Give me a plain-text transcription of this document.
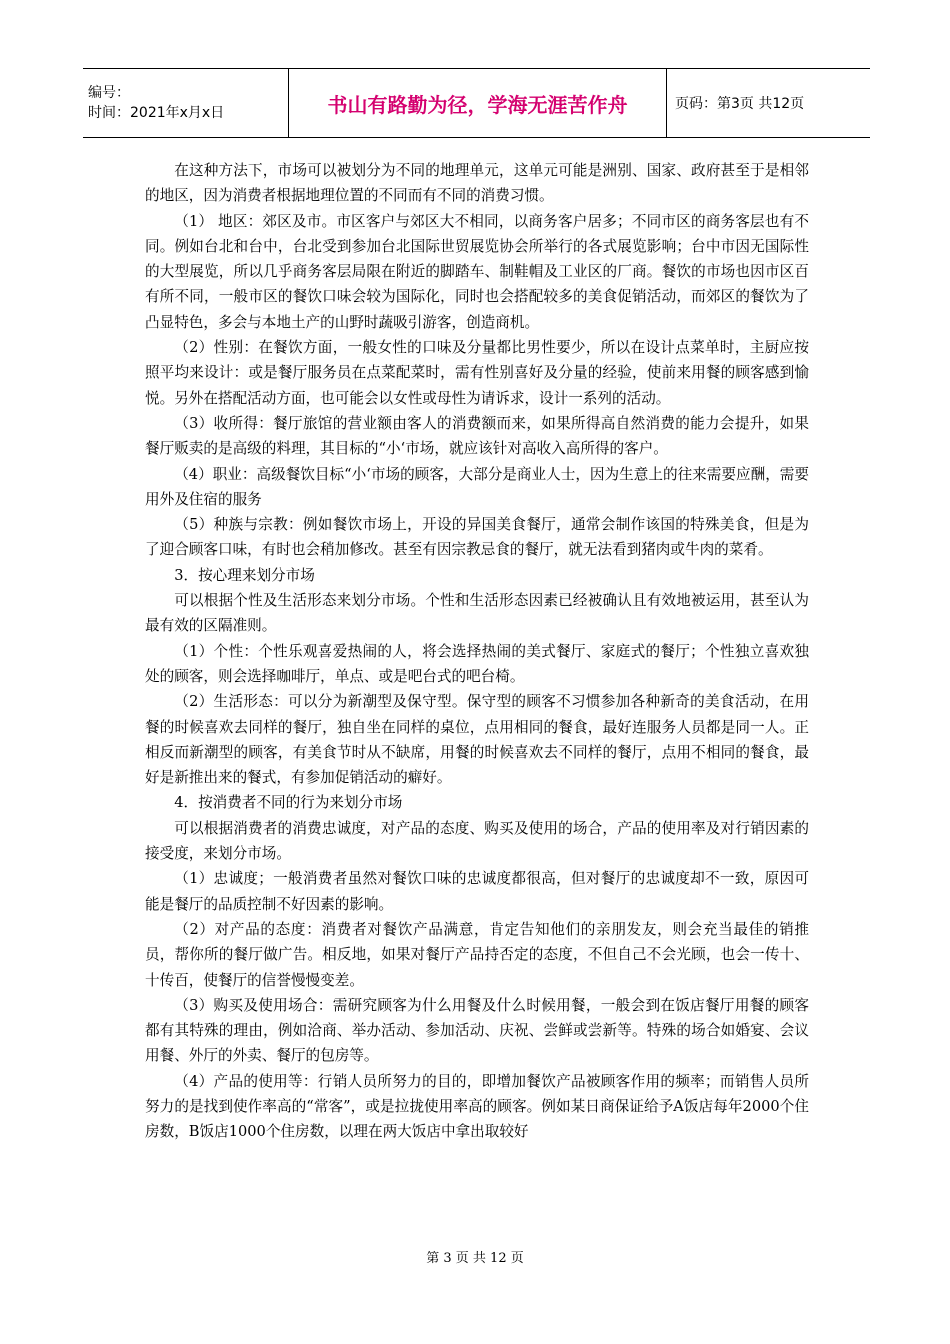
编号：
时间：2021年x月x日	书山有路勤为径，学海无涯苦作舟	页码：第3页 共12页

在这种方法下，市场可以被划分为不同的地理单元，这单元可能是洲别、国家、政府甚至于是相邻的地区，因为消费者根据地理位置的不同而有不同的消费习惯。

（1） 地区：郊区及市。市区客户与郊区大不相同，以商务客户居多；不同市区的商务客层也有不同。例如台北和台中，台北受到参加台北国际世贸展览协会所举行的各式展览影响；台中市因无国际性的大型展览，所以几乎商务客层局限在附近的脚踏车、制鞋帽及工业区的厂商。餐饮的市场也因市区百有所不同，一般市区的餐饮口味会较为国际化，同时也会搭配较多的美食促销活动，而郊区的餐饮为了凸显特色，多会与本地土产的山野时蔬吸引游客，创造商机。

（2）性别：在餐饮方面，一般女性的口味及分量都比男性要少，所以在设计点菜单时，主厨应按照平均来设计：或是餐厅服务员在点菜配菜时，需有性别喜好及分量的经验，使前来用餐的顾客感到愉悦。另外在搭配活动方面，也可能会以女性或母性为请诉求，设计一系列的活动。

（3）收所得：餐厅旅馆的营业额由客人的消费额而来，如果所得高自然消费的能力会提升，如果餐厅贩卖的是高级的料理，其目标的“小‘市场，就应该针对高收入高所得的客户。

（4）职业：高级餐饮目标“小‘市场的顾客，大部分是商业人士，因为生意上的往来需要应酬，需要用外及住宿的服务

（5）种族与宗教：例如餐饮市场上，开设的异国美食餐厅，通常会制作该国的特殊美食，但是为了迎合顾客口味，有时也会稍加修改。甚至有因宗教忌食的餐厅，就无法看到猪肉或牛肉的菜肴。

3．按心理来划分市场

可以根据个性及生活形态来划分市场。个性和生活形态因素已经被确认且有效地被运用，甚至认为最有效的区隔准则。

（1）个性：个性乐观喜爱热闹的人，将会选择热闹的美式餐厅、家庭式的餐厅；个性独立喜欢独处的顾客，则会选择咖啡厅，单点、或是吧台式的吧台椅。

（2）生活形态：可以分为新潮型及保守型。保守型的顾客不习惯参加各种新奇的美食活动，在用餐的时候喜欢去同样的餐厅，独自坐在同样的桌位，点用相同的餐食，最好连服务人员都是同一人。正相反而新潮型的顾客，有美食节时从不缺席，用餐的时候喜欢去不同样的餐厅，点用不相同的餐食，最好是新推出来的餐式，有参加促销活动的癖好。

4．按消费者不同的行为来划分市场

可以根据消费者的消费忠诚度，对产品的态度、购买及使用的场合，产品的使用率及对行销因素的接受度，来划分市场。

（1）忠诚度；一般消费者虽然对餐饮口味的忠诚度都很高，但对餐厅的忠诚度却不一致，原因可能是餐厅的品质控制不好因素的影响。

（2）对产品的态度：消费者对餐饮产品满意，肯定告知他们的亲朋发友，则会充当最佳的销推员，帮你所的餐厅做广告。相反地，如果对餐厅产品持否定的态度，不但自己不会光顾，也会一传十、十传百，使餐厅的信誉慢慢变差。

（3）购买及使用场合：需研究顾客为什么用餐及什么时候用餐，一般会到在饭店餐厅用餐的顾客都有其特殊的理由，例如洽商、举办活动、参加活动、庆祝、尝鲜或尝新等。特殊的场合如婚宴、会议用餐、外厅的外卖、餐厅的包房等。

（4）产品的使用等：行销人员所努力的目的，即增加餐饮产品被顾客作用的频率；而销售人员所努力的是找到使作率高的“常客”，或是拉拢使用率高的顾客。例如某日商保证给予A饭店每年2000个住房数，B饭店1000个住房数，以理在两大饭店中拿出取较好

第 3 页 共 12 页
